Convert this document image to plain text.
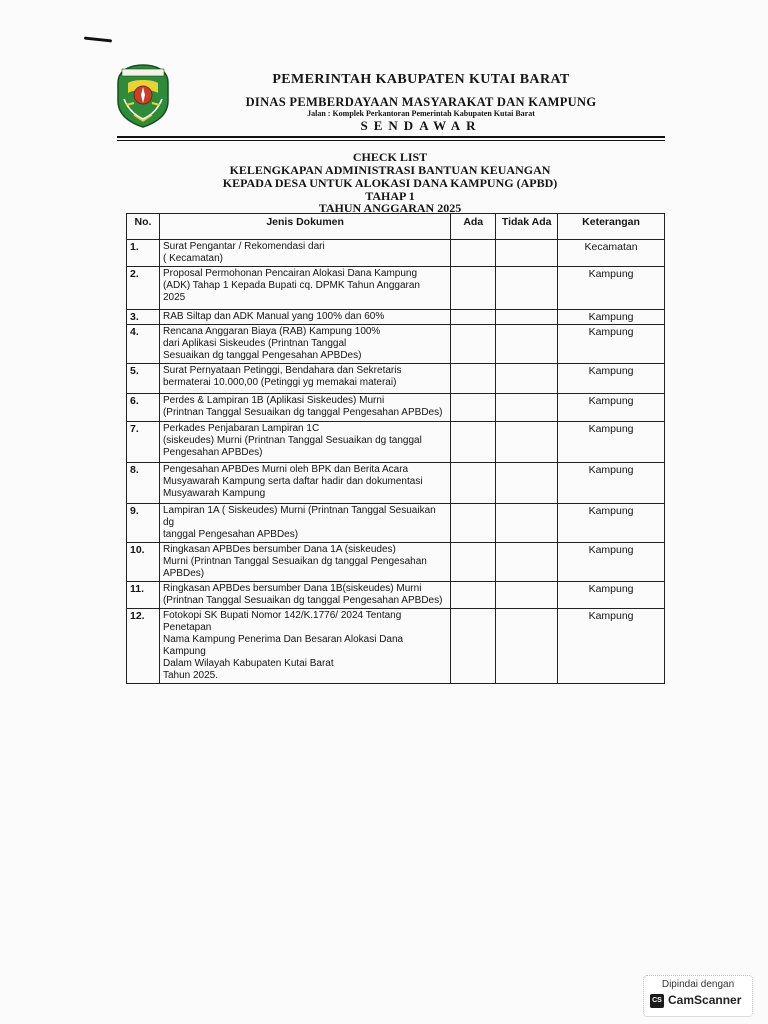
PEMERINTAH KABUPATEN KUTAI BARAT
DINAS PEMBERDAYAAN MASYARAKAT DAN KAMPUNG
Jalan : Komplek Perkantoran Pemerintah Kabupaten Kutai Barat
SENDAWAR
CHECK LIST
KELENGKAPAN ADMINISTRASI BANTUAN KEUANGAN
KEPADA DESA UNTUK ALOKASI DANA KAMPUNG (APBD)
TAHAP 1
TAHUN ANGGARAN 2025
No.	Jenis Dokumen	Ada	Tidak Ada	Keterangan
1.	Surat Pengantar / Rekomendasi dari
( Kecamatan)			Kecamatan
2.	Proposal Permohonan Pencairan Alokasi Dana Kampung
(ADK) Tahap 1 Kepada Bupati cq. DPMK Tahun Anggaran
2025			Kampung
3.	RAB Siltap dan ADK Manual yang 100% dan 60%			Kampung
4.	Rencana Anggaran Biaya (RAB) Kampung 100%
dari Aplikasi Siskeudes (Printnan Tanggal
Sesuaikan dg tanggal Pengesahan APBDes)			Kampung
5.	Surat Pernyataan Petinggi, Bendahara dan Sekretaris
bermaterai 10.000,00 (Petinggi yg memakai materai)			Kampung
6.	Perdes & Lampiran 1B (Aplikasi Siskeudes) Murni
(Printnan Tanggal Sesuaikan dg tanggal Pengesahan APBDes)			Kampung
7.	Perkades Penjabaran Lampiran 1C
(siskeudes) Murni (Printnan Tanggal Sesuaikan dg tanggal
Pengesahan APBDes)			Kampung
8.	Pengesahan APBDes Murni oleh BPK dan Berita Acara
Musyawarah Kampung serta daftar hadir dan dokumentasi
Musyawarah Kampung			Kampung
9.	Lampiran 1A ( Siskeudes) Murni (Printnan Tanggal Sesuaikan dg
tanggal Pengesahan APBDes)			Kampung
10.	Ringkasan APBDes bersumber Dana 1A (siskeudes)
Murni (Printnan Tanggal Sesuaikan dg tanggal Pengesahan
APBDes)			Kampung
11.	Ringkasan APBDes bersumber Dana 1B(siskeudes) Murni
(Printnan Tanggal Sesuaikan dg tanggal Pengesahan APBDes)			Kampung
12.	Fotokopi SK Bupati Nomor 142/K.1776/ 2024 Tentang Penetapan
Nama Kampung Penerima Dan Besaran Alokasi Dana Kampung
Dalam Wilayah Kabupaten Kutai Barat
Tahun 2025.			Kampung
Dipindai dengan
CS CamScanner
